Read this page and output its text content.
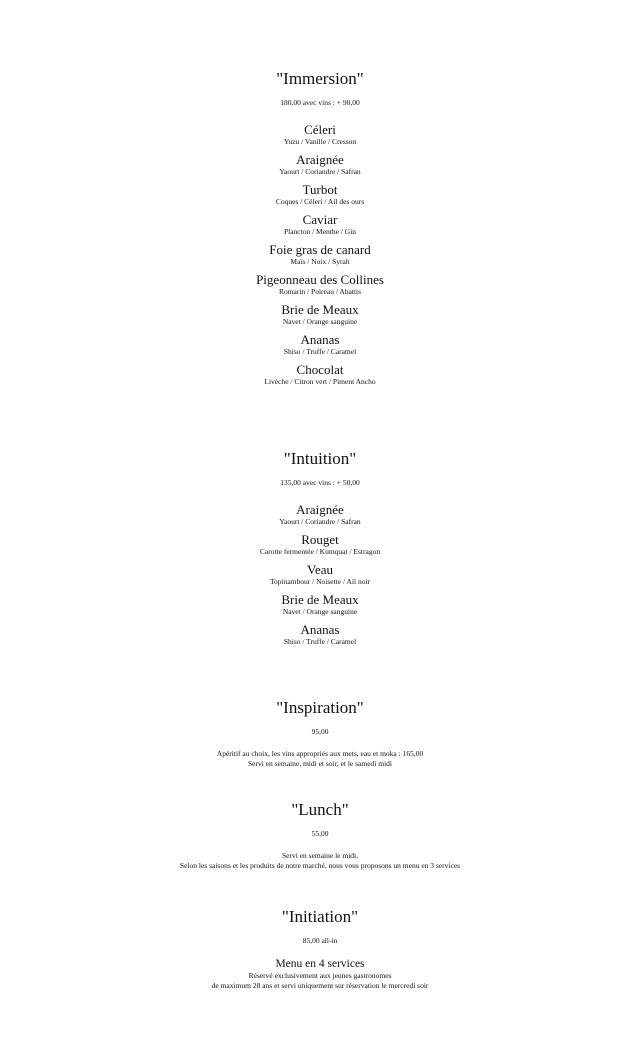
"Immersion"
180,00 avec vins : + 90,00
Céleri
Yuzu / Vanille / Cresson
Araignée
Yaourt / Coriandre / Safran
Turbot
Coques / Céleri / Ail des ours
Caviar
Plancton / Menthe / Gin
Foie gras de canard
Maïs / Noix / Syrah
Pigeonneau des Collines
Romarin / Poireau / Abattis
Brie de Meaux
Navet / Orange sanguine
Ananas
Shiso / Truffe / Caramel
Chocolat
Livèche / Citron vert / Piment Ancho
"Intuition"
135,00 avec vins : + 50,00
Araignée
Yaourt / Coriandre / Safran
Rouget
Carotte fermentée / Kumquat / Estragon
Veau
Topinambour / Noisette / Ail noir
Brie de Meaux
Navet / Orange sanguine
Ananas
Shiso / Truffe / Caramel
"Inspiration"
95,00
Apéritif au choix, les vins appropriés aux mets, eau et moka : 165,00
Servi en semaine, midi et soir, et le samedi midi
"Lunch"
55,00
Servi en semaine le midi,
Selon les saisons et les produits de notre marché, nous vous proposons un menu en 3 services
"Initiation"
85,00 all-in
Menu en 4 services
Réservé exclusivement aux jeunes gastronomes
de maximum 28 ans et servi uniquement sur réservation le mercredi soir
